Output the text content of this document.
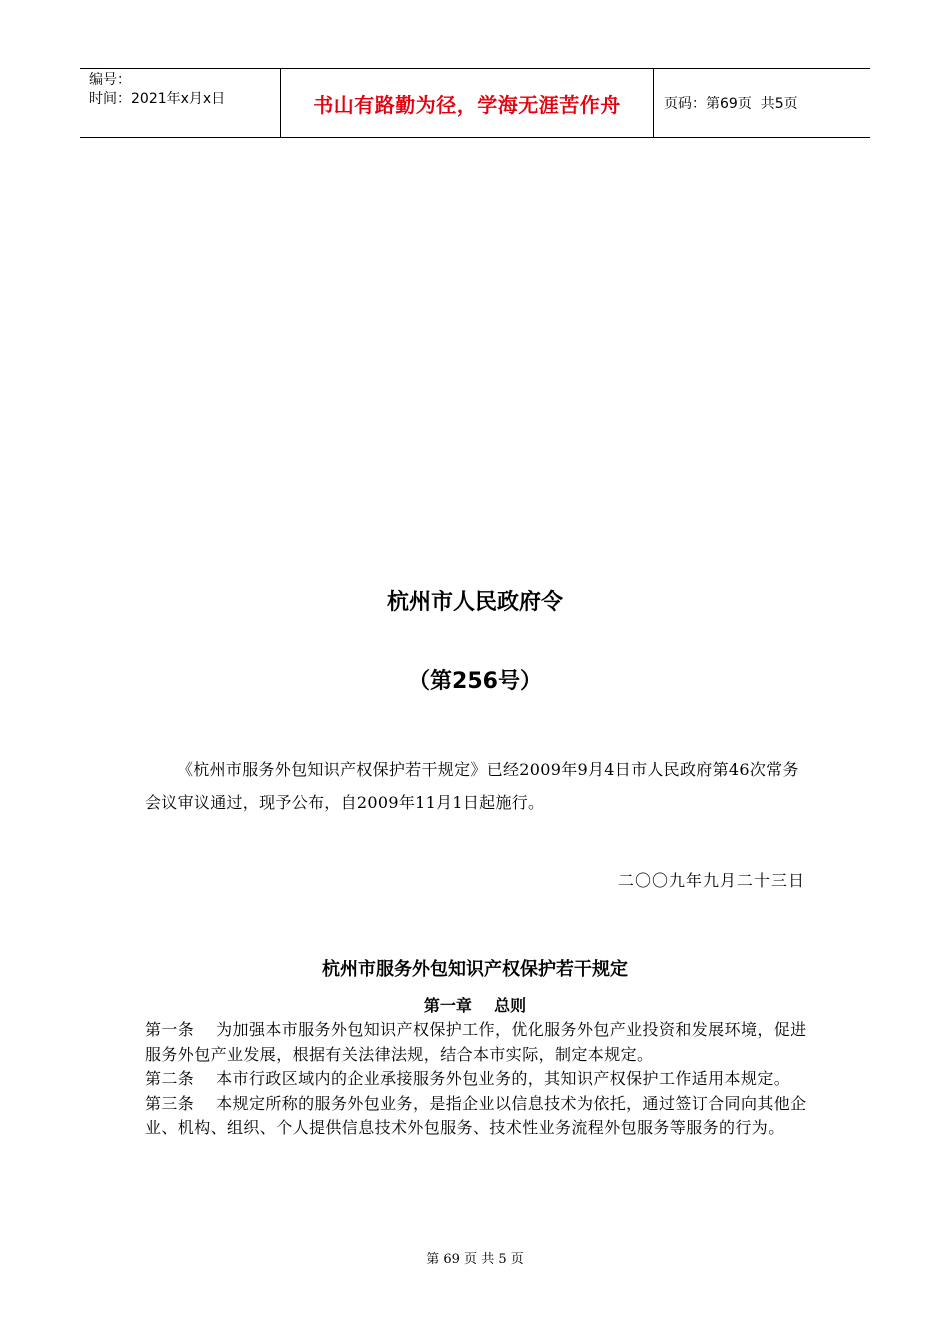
编号：
时间：2021年x月x日	书山有路勤为径，学海无涯苦作舟	页码：第69页  共5页
杭州市人民政府令
（第256号）
《杭州市服务外包知识产权保护若干规定》已经2009年9月4日市人民政府第46次常务会议审议通过，现予公布，自2009年11月1日起施行。
二〇〇九年九月二十三日
杭州市服务外包知识产权保护若干规定
第一章    总则

第一条    为加强本市服务外包知识产权保护工作，优化服务外包产业投资和发展环境，促进服务外包产业发展，根据有关法律法规，结合本市实际，制定本规定。

第二条    本市行政区域内的企业承接服务外包业务的，其知识产权保护工作适用本规定。

第三条    本规定所称的服务外包业务，是指企业以信息技术为依托，通过签订合同向其他企业、机构、组织、个人提供信息技术外包服务、技术性业务流程外包服务等服务的行为。

第 69 页 共 5 页
